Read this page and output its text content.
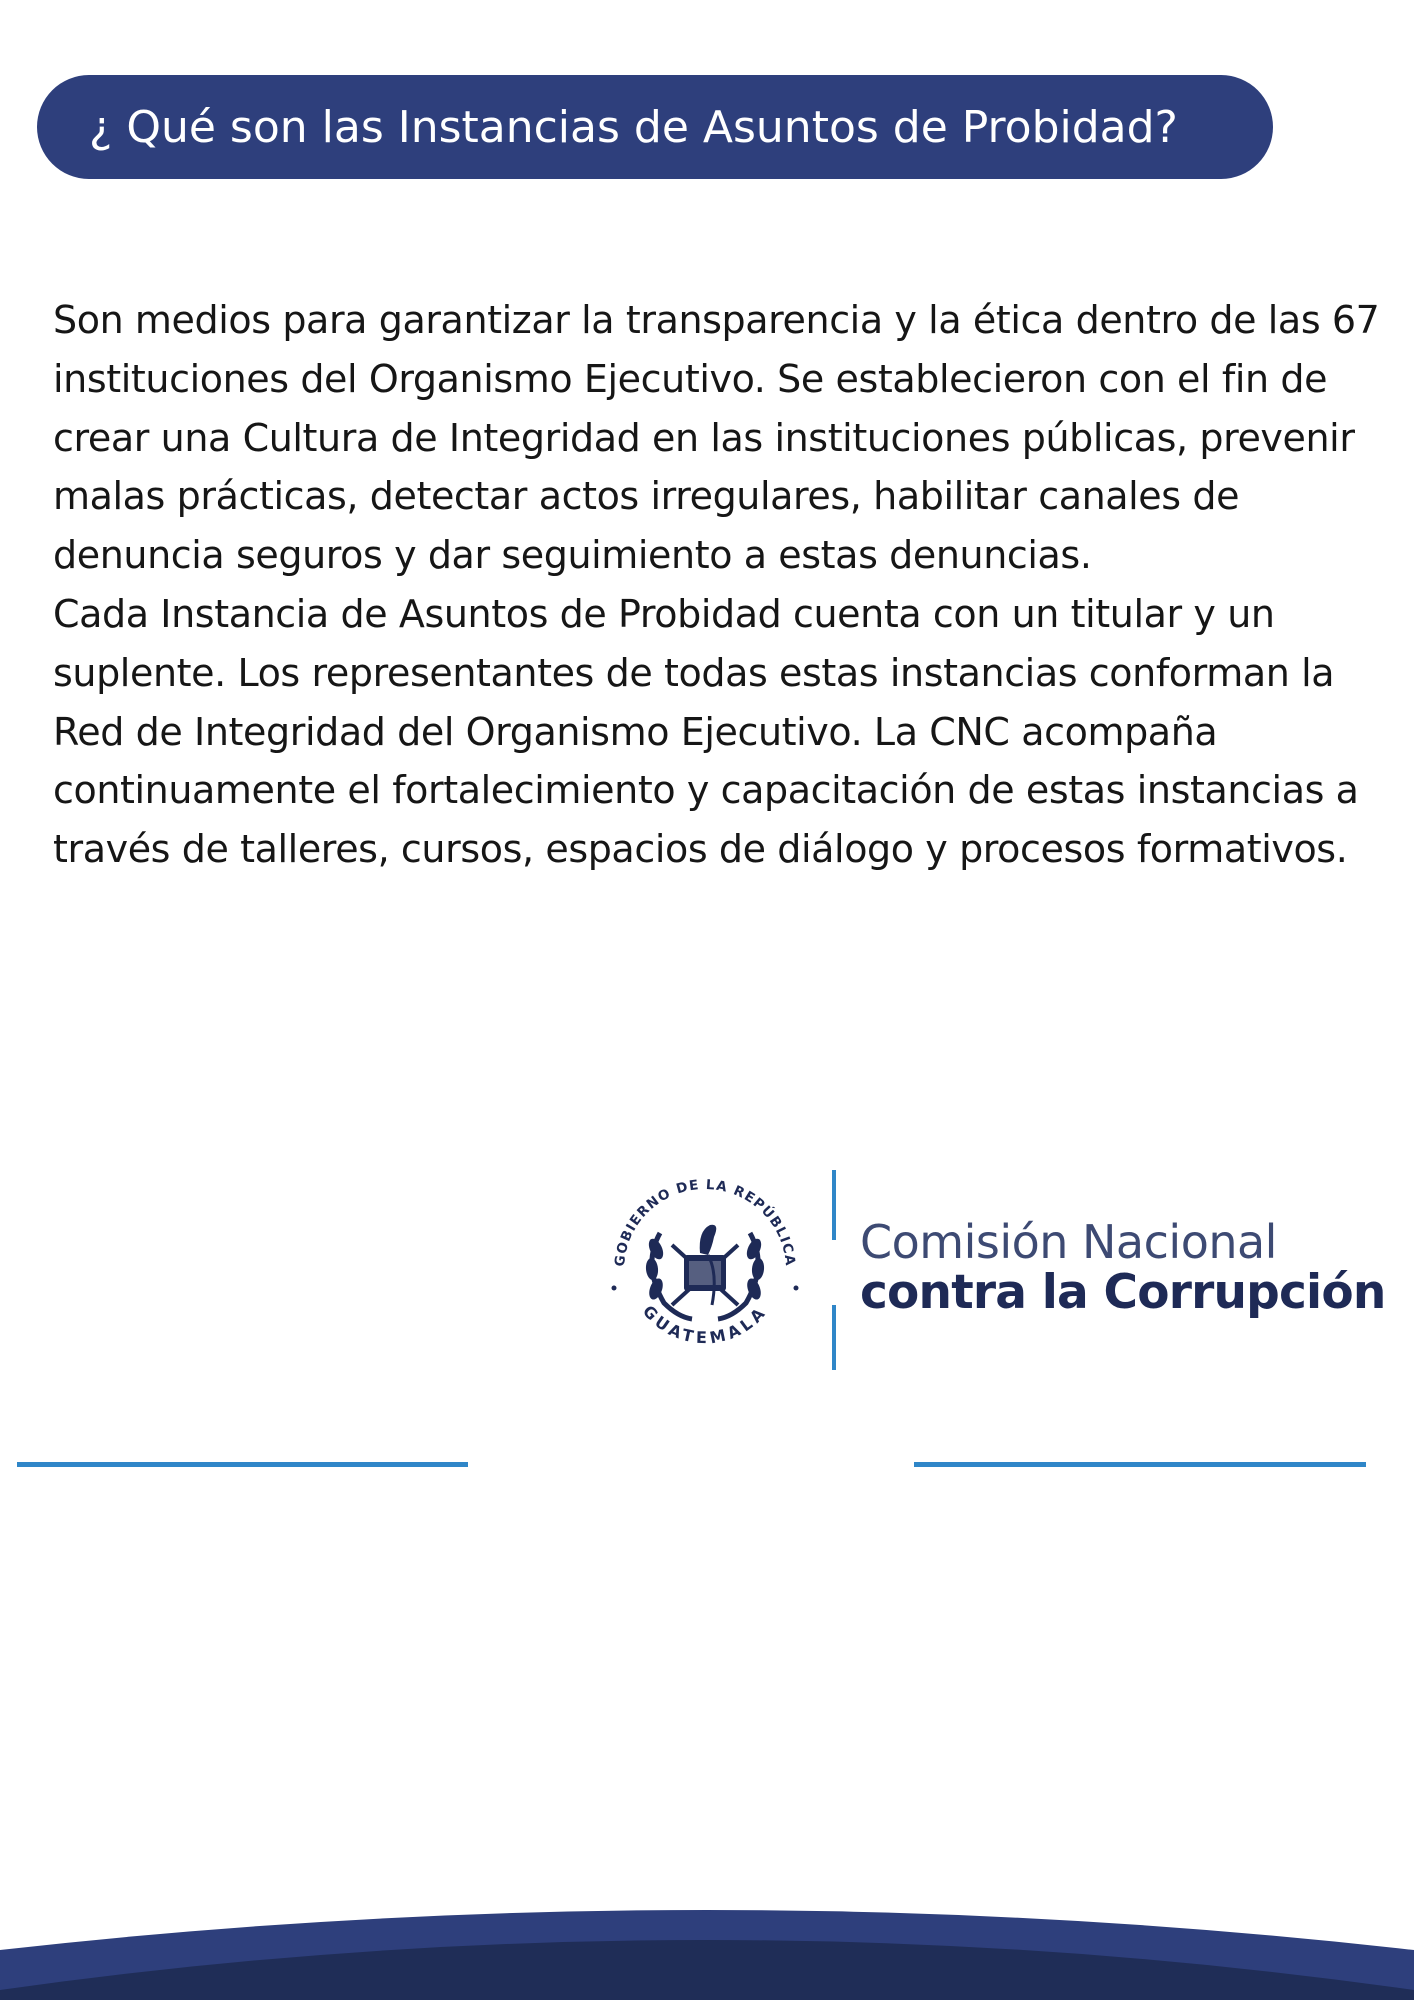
¿ Qué son las Instancias de Asuntos de Probidad?

Son medios para garantizar la transparencia y la ética dentro de las 67 instituciones del Organismo Ejecutivo. Se establecieron con el fin de crear una Cultura de Integridad en las instituciones públicas, prevenir malas prácticas, detectar actos irregulares, habilitar canales de denuncia seguros y dar seguimiento a estas denuncias.

Cada Instancia de Asuntos de Probidad cuenta con un titular y un suplente. Los representantes de todas estas instancias conforman la Red de Integridad del Organismo Ejecutivo. La CNC acompaña continuamente el fortalecimiento y capacitación de estas instancias a través de talleres, cursos, espacios de diálogo y procesos formativos.

GOBIERNO DE LA REPÚBLICA
GUATEMALA
Comisión Nacional
contra la Corrupción
